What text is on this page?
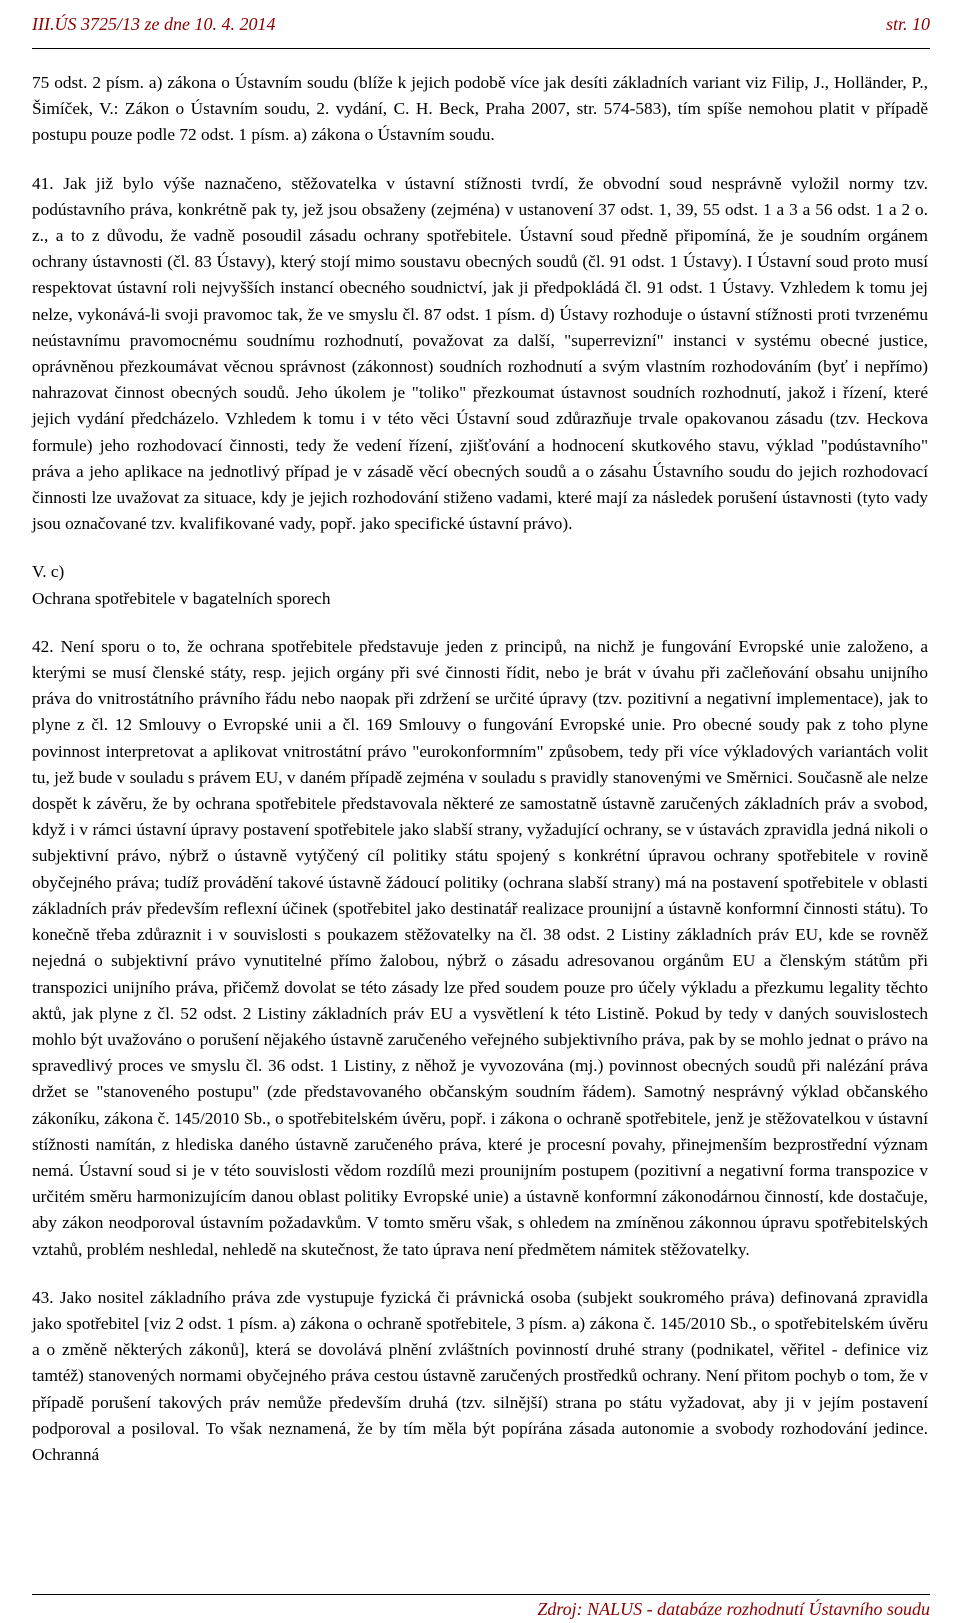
III.ÚS 3725/13 ze dne 10. 4. 2014	str. 10

75 odst. 2 písm. a) zákona o Ústavním soudu (blíže k jejich podobě více jak desíti základních variant viz Filip, J., Holländer, P., Šimíček, V.: Zákon o Ústavním soudu, 2. vydání, C. H. Beck, Praha 2007, str. 574-583), tím spíše nemohou platit v případě postupu pouze podle 72 odst. 1 písm. a) zákona o Ústavním soudu.

41. Jak již bylo výše naznačeno, stěžovatelka v ústavní stížnosti tvrdí, že obvodní soud nesprávně vyložil normy tzv. podústavního práva, konkrétně pak ty, jež jsou obsaženy (zejména) v ustanovení 37 odst. 1, 39, 55 odst. 1 a 3 a 56 odst. 1 a 2 o. z., a to z důvodu, že vadně posoudil zásadu ochrany spotřebitele. Ústavní soud předně připomíná, že je soudním orgánem ochrany ústavnosti (čl. 83 Ústavy), který stojí mimo soustavu obecných soudů (čl. 91 odst. 1 Ústavy). I Ústavní soud proto musí respektovat ústavní roli nejvyšších instancí obecného soudnictví, jak ji předpokládá čl. 91 odst. 1 Ústavy. Vzhledem k tomu jej nelze, vykonává-li svoji pravomoc tak, že ve smyslu čl. 87 odst. 1 písm. d) Ústavy rozhoduje o ústavní stížnosti proti tvrzenému neústavnímu pravomocnému soudnímu rozhodnutí, považovat za další, "superrevizní" instanci v systému obecné justice, oprávněnou přezkoumávat věcnou správnost (zákonnost) soudních rozhodnutí a svým vlastním rozhodováním (byť i nepřímo) nahrazovat činnost obecných soudů. Jeho úkolem je "toliko" přezkoumat ústavnost soudních rozhodnutí, jakož i řízení, které jejich vydání předcházelo. Vzhledem k tomu i v této věci Ústavní soud zdůrazňuje trvale opakovanou zásadu (tzv. Heckova formule) jeho rozhodovací činnosti, tedy že vedení řízení, zjišťování a hodnocení skutkového stavu, výklad "podústavního" práva a jeho aplikace na jednotlivý případ je v zásadě věcí obecných soudů a o zásahu Ústavního soudu do jejich rozhodovací činnosti lze uvažovat za situace, kdy je jejich rozhodování stiženo vadami, které mají za následek porušení ústavnosti (tyto vady jsou označované tzv. kvalifikované vady, popř. jako specifické ústavní právo).

V. c)

Ochrana spotřebitele v bagatelních sporech

42. Není sporu o to, že ochrana spotřebitele představuje jeden z principů, na nichž je fungování Evropské unie založeno, a kterými se musí členské státy, resp. jejich orgány při své činnosti řídit, nebo je brát v úvahu při začleňování obsahu unijního práva do vnitrostátního právního řádu nebo naopak při zdržení se určité úpravy (tzv. pozitivní a negativní implementace), jak to plyne z čl. 12 Smlouvy o Evropské unii a čl. 169 Smlouvy o fungování Evropské unie. Pro obecné soudy pak z toho plyne povinnost interpretovat a aplikovat vnitrostátní právo "eurokonformním" způsobem, tedy při více výkladových variantách volit tu, jež bude v souladu s právem EU, v daném případě zejména v souladu s pravidly stanovenými ve Směrnici. Současně ale nelze dospět k závěru, že by ochrana spotřebitele představovala některé ze samostatně ústavně zaručených základních práv a svobod, když i v rámci ústavní úpravy postavení spotřebitele jako slabší strany, vyžadující ochrany, se v ústavách zpravidla jedná nikoli o subjektivní právo, nýbrž o ústavně vytýčený cíl politiky státu spojený s konkrétní úpravou ochrany spotřebitele v rovině obyčejného práva; tudíž provádění takové ústavně žádoucí politiky (ochrana slabší strany) má na postavení spotřebitele v oblasti základních práv především reflexní účinek (spotřebitel jako destinatář realizace prounijní a ústavně konformní činnosti státu). To konečně třeba zdůraznit i v souvislosti s poukazem stěžovatelky na čl. 38 odst. 2 Listiny základních práv EU, kde se rovněž nejedná o subjektivní právo vynutitelné přímo žalobou, nýbrž o zásadu adresovanou orgánům EU a členským státům při transpozici unijního práva, přičemž dovolat se této zásady lze před soudem pouze pro účely výkladu a přezkumu legality těchto aktů, jak plyne z čl. 52 odst. 2 Listiny základních práv EU a vysvětlení k této Listině. Pokud by tedy v daných souvislostech mohlo být uvažováno o porušení nějakého ústavně zaručeného veřejného subjektivního práva, pak by se mohlo jednat o právo na spravedlivý proces ve smyslu čl. 36 odst. 1 Listiny, z něhož je vyvozována (mj.) povinnost obecných soudů při nalézání práva držet se "stanoveného postupu" (zde představovaného občanským soudním řádem). Samotný nesprávný výklad občanského zákoníku, zákona č. 145/2010 Sb., o spotřebitelském úvěru, popř. i zákona o ochraně spotřebitele, jenž je stěžovatelkou v ústavní stížnosti namítán, z hlediska daného ústavně zaručeného práva, které je procesní povahy, přinejmenším bezprostřední význam nemá. Ústavní soud si je v této souvislosti vědom rozdílů mezi prounijním postupem (pozitivní a negativní forma transpozice v určitém směru harmonizujícím danou oblast politiky Evropské unie) a ústavně konformní zákonodárnou činností, kde dostačuje, aby zákon neodporoval ústavním požadavkům. V tomto směru však, s ohledem na zmíněnou zákonnou úpravu spotřebitelských vztahů, problém neshledal, nehledě na skutečnost, že tato úprava není předmětem námitek stěžovatelky.

43. Jako nositel základního práva zde vystupuje fyzická či právnická osoba (subjekt soukromého práva) definovaná zpravidla jako spotřebitel [viz 2 odst. 1 písm. a) zákona o ochraně spotřebitele, 3 písm. a) zákona č. 145/2010 Sb., o spotřebitelském úvěru a o změně některých zákonů], která se dovolává plnění zvláštních povinností druhé strany (podnikatel, věřitel - definice viz tamtéž) stanovených normami obyčejného práva cestou ústavně zaručených prostředků ochrany. Není přitom pochyb o tom, že v případě porušení takových práv nemůže především druhá (tzv. silnější) strana po státu vyžadovat, aby ji v jejím postavení podporoval a posiloval. To však neznamená, že by tím měla být popírána zásada autonomie a svobody rozhodování jedince. Ochranná

Zdroj: NALUS - databáze rozhodnutí Ústavního soudu
